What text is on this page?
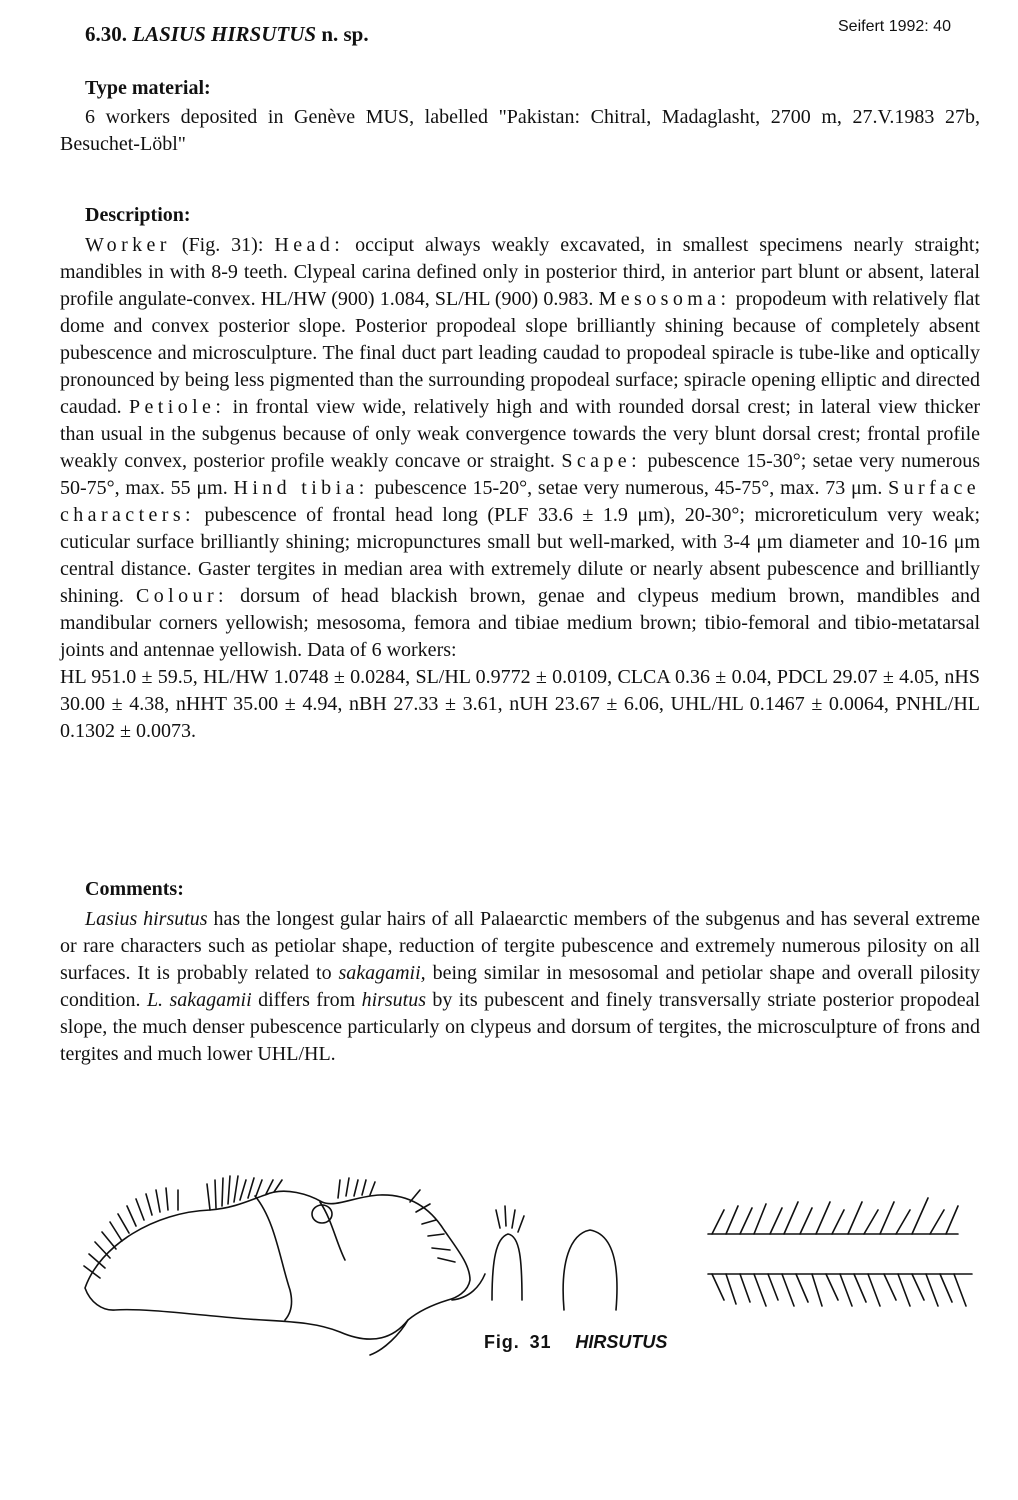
6.30. LASIUS HIRSUTUS n. sp.	Seifert 1992: 40
Type material:

6 workers deposited in Genève MUS, labelled "Pakistan: Chitral, Madaglasht, 2700 m, 27.V.1983 27b, Besuchet-Löbl"

Description:

Worker (Fig. 31): Head: occiput always weakly excavated, in smallest specimens nearly straight; mandibles in with 8-9 teeth. Clypeal carina defined only in posterior third, in anterior part blunt or absent, lateral profile angulate-convex. HL/HW (900) 1.084, SL/HL (900) 0.983. Mesosoma: propodeum with relatively flat dome and convex posterior slope. Posterior propodeal slope brilliantly shining because of completely absent pubescence and microsculpture. The final duct part leading caudad to propodeal spiracle is tube-like and optically pronounced by being less pigmented than the surrounding propodeal surface; spiracle opening elliptic and directed caudad. Petiole: in frontal view wide, relatively high and with rounded dorsal crest; in lateral view thicker than usual in the subgenus because of only weak convergence towards the very blunt dorsal crest; frontal profile weakly convex, posterior profile weakly concave or straight. Scape: pubescence 15-30°; setae very numerous 50-75°, max. 55 μm. Hind tibia: pubescence 15-20°, setae very numerous, 45-75°, max. 73 μm. Surface characters: pubescence of frontal head long (PLF 33.6 ± 1.9 μm), 20-30°; microreticulum very weak; cuticular surface brilliantly shining; micropunctures small but well-marked, with 3-4 μm diameter and 10-16 μm central distance. Gaster tergites in median area with extremely dilute or nearly absent pubescence and brilliantly shining. Colour: dorsum of head blackish brown, genae and clypeus medium brown, mandibles and mandibular corners yellowish; mesosoma, femora and tibiae medium brown; tibio-femoral and tibio-metatarsal joints and antennae yellowish. Data of 6 workers:

HL 951.0 ± 59.5, HL/HW 1.0748 ± 0.0284, SL/HL 0.9772 ± 0.0109, CLCA 0.36 ± 0.04, PDCL 29.07 ± 4.05, nHS 30.00 ± 4.38, nHHT 35.00 ± 4.94, nBH 27.33 ± 3.61, nUH 23.67 ± 6.06, UHL/HL 0.1467 ± 0.0064, PNHL/HL 0.1302 ± 0.0073.

Comments:

Lasius hirsutus has the longest gular hairs of all Palaearctic members of the subgenus and has several extreme or rare characters such as petiolar shape, reduction of tergite pubescence and extremely numerous pilosity on all surfaces. It is probably related to sakagamii, being similar in mesosomal and petiolar shape and overall pilosity condition. L. sakagamii differs from hirsutus by its pubescent and finely transversally striate posterior propodeal slope, the much denser pubescence particularly on clypeus and dorsum of tergites, the microsculpture of frons and tergites and much lower UHL/HL.

Fig. 31 HIRSUTUS
